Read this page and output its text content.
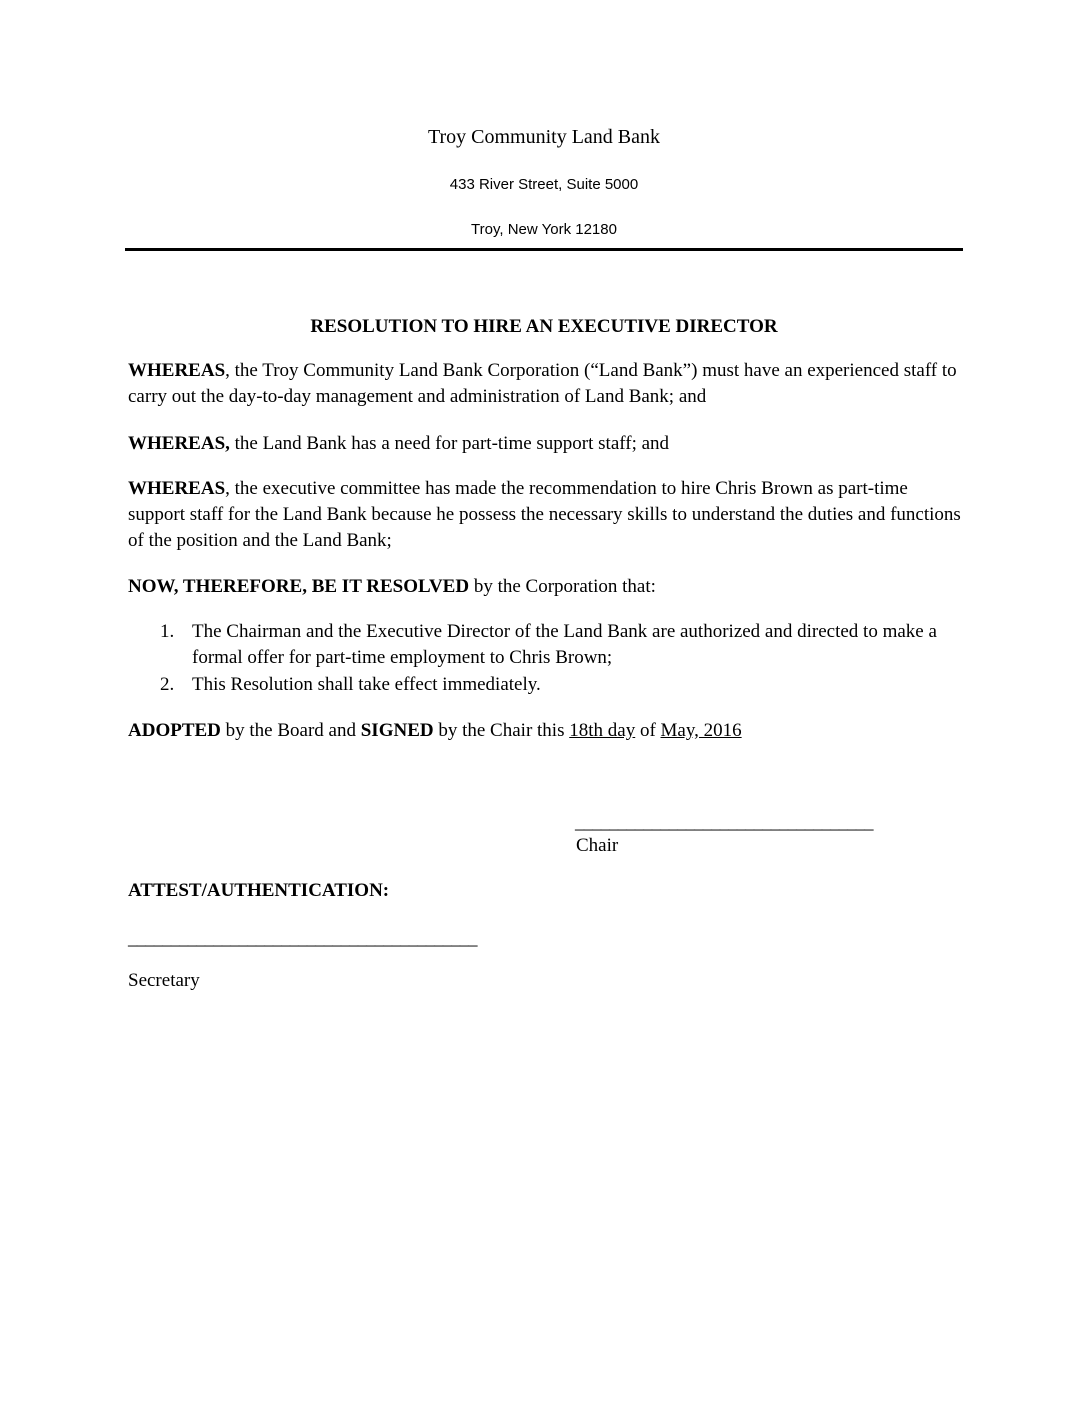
Troy Community Land Bank
433 River Street, Suite 5000
Troy, New York 12180
RESOLUTION TO HIRE AN EXECUTIVE DIRECTOR
WHEREAS, the Troy Community Land Bank Corporation (“Land Bank”) must have an experienced staff to carry out the day-to-day management and administration of Land Bank; and
WHEREAS, the Land Bank has a need for part-time support staff; and
WHEREAS, the executive committee has made the recommendation to hire Chris Brown as part-time support staff for the Land Bank because he possess the necessary skills to understand the duties and functions of the position and the Land Bank;
NOW, THEREFORE, BE IT RESOLVED by the Corporation that:
1. The Chairman and the Executive Director of the Land Bank are authorized and directed to make a formal offer for part-time employment to Chris Brown;
2. This Resolution shall take effect immediately.
ADOPTED by the Board and SIGNED by the Chair this 18th day of May, 2016
___________________________________
Chair
ATTEST/AUTHENTICATION:
_________________________________________
Secretary
